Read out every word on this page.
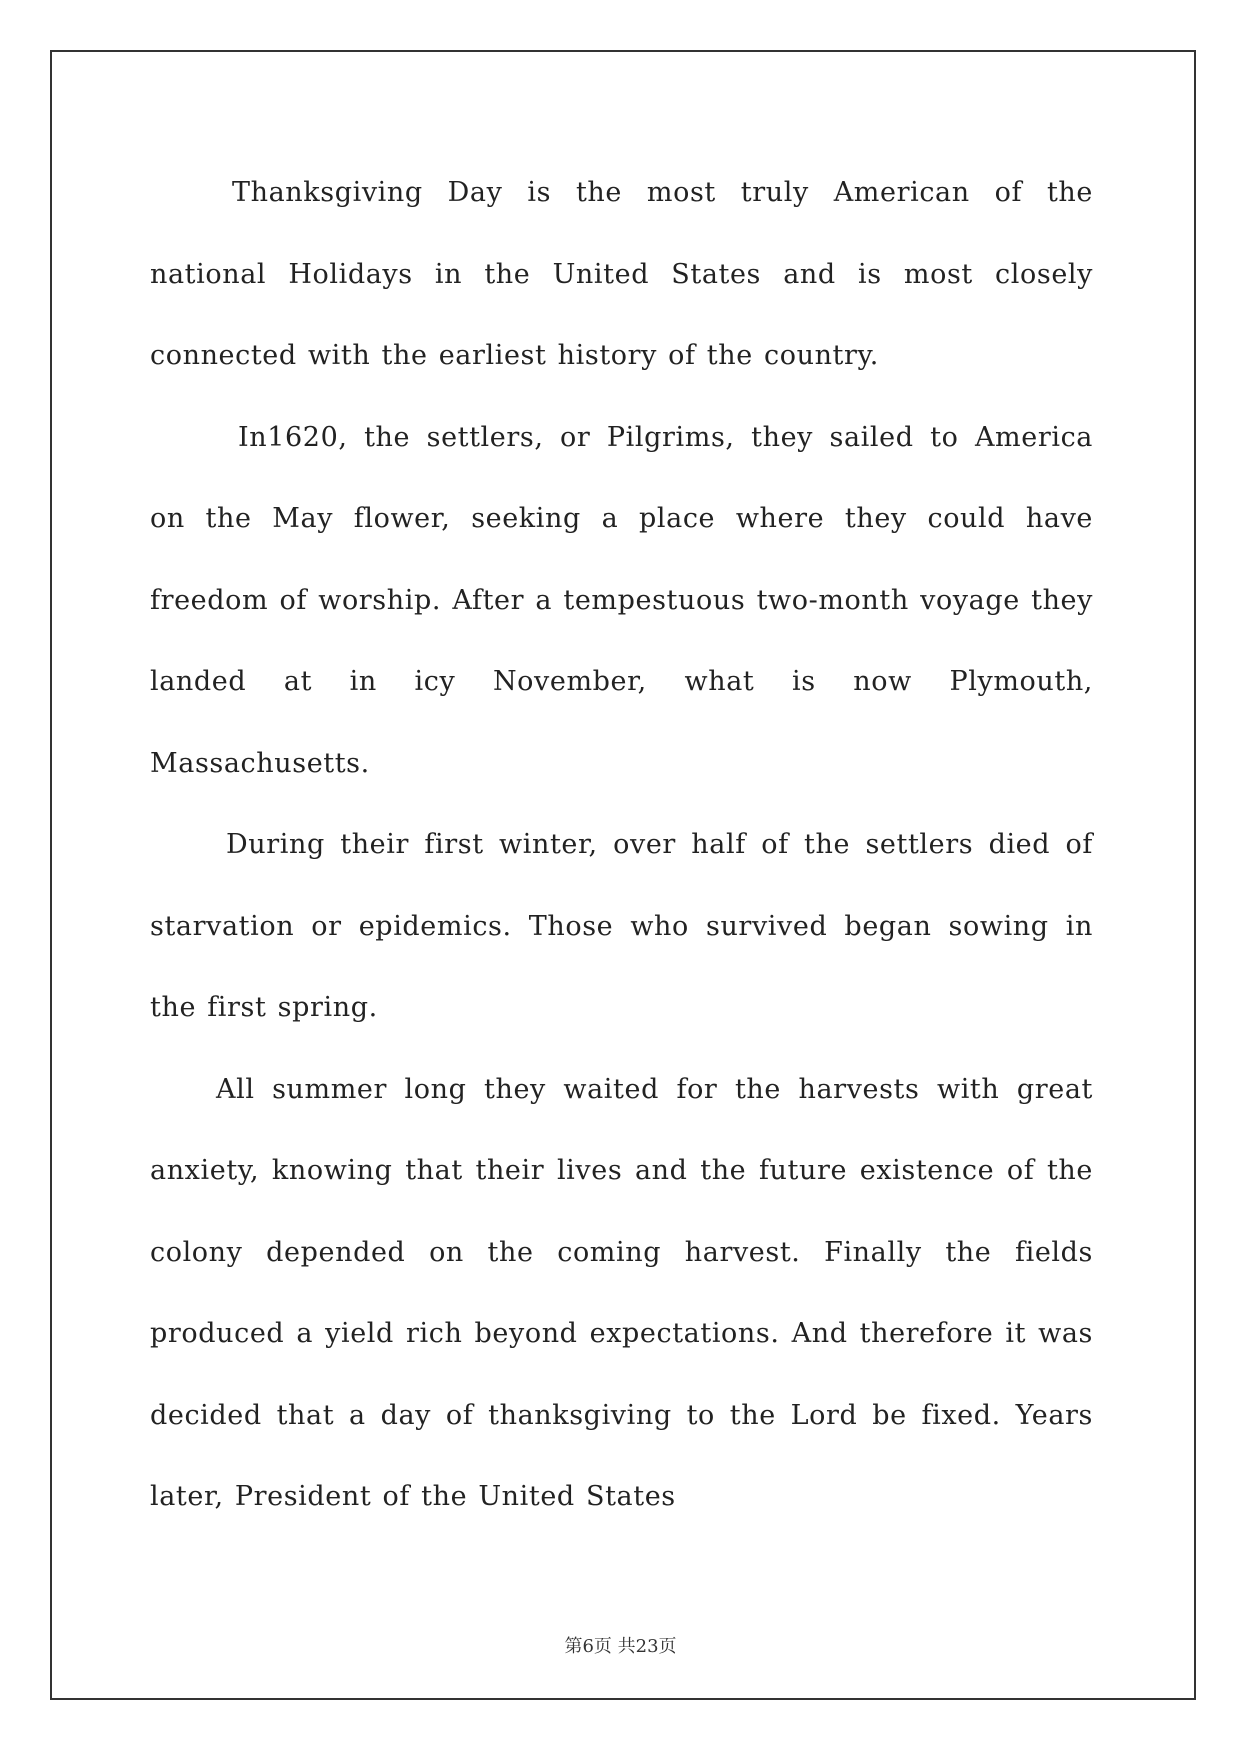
Thanksgiving Day is the most truly American of the national Holidays in the United States and is most closely connected with the earliest history of the country.

In1620, the settlers, or Pilgrims, they sailed to America on the May flower, seeking a place where they could have freedom of worship. After a tempestuous two-month voyage they landed at in icy November, what is now Plymouth, Massachusetts.

During their first winter, over half of the settlers died of starvation or epidemics. Those who survived began sowing in the first spring.

All summer long they waited for the harvests with great anxiety, knowing that their lives and the future existence of the colony depended on the coming harvest. Finally the fields produced a yield rich beyond expectations. And therefore it was decided that a day of thanksgiving to the Lord be fixed. Years later, President of the United States

第6页 共23页
